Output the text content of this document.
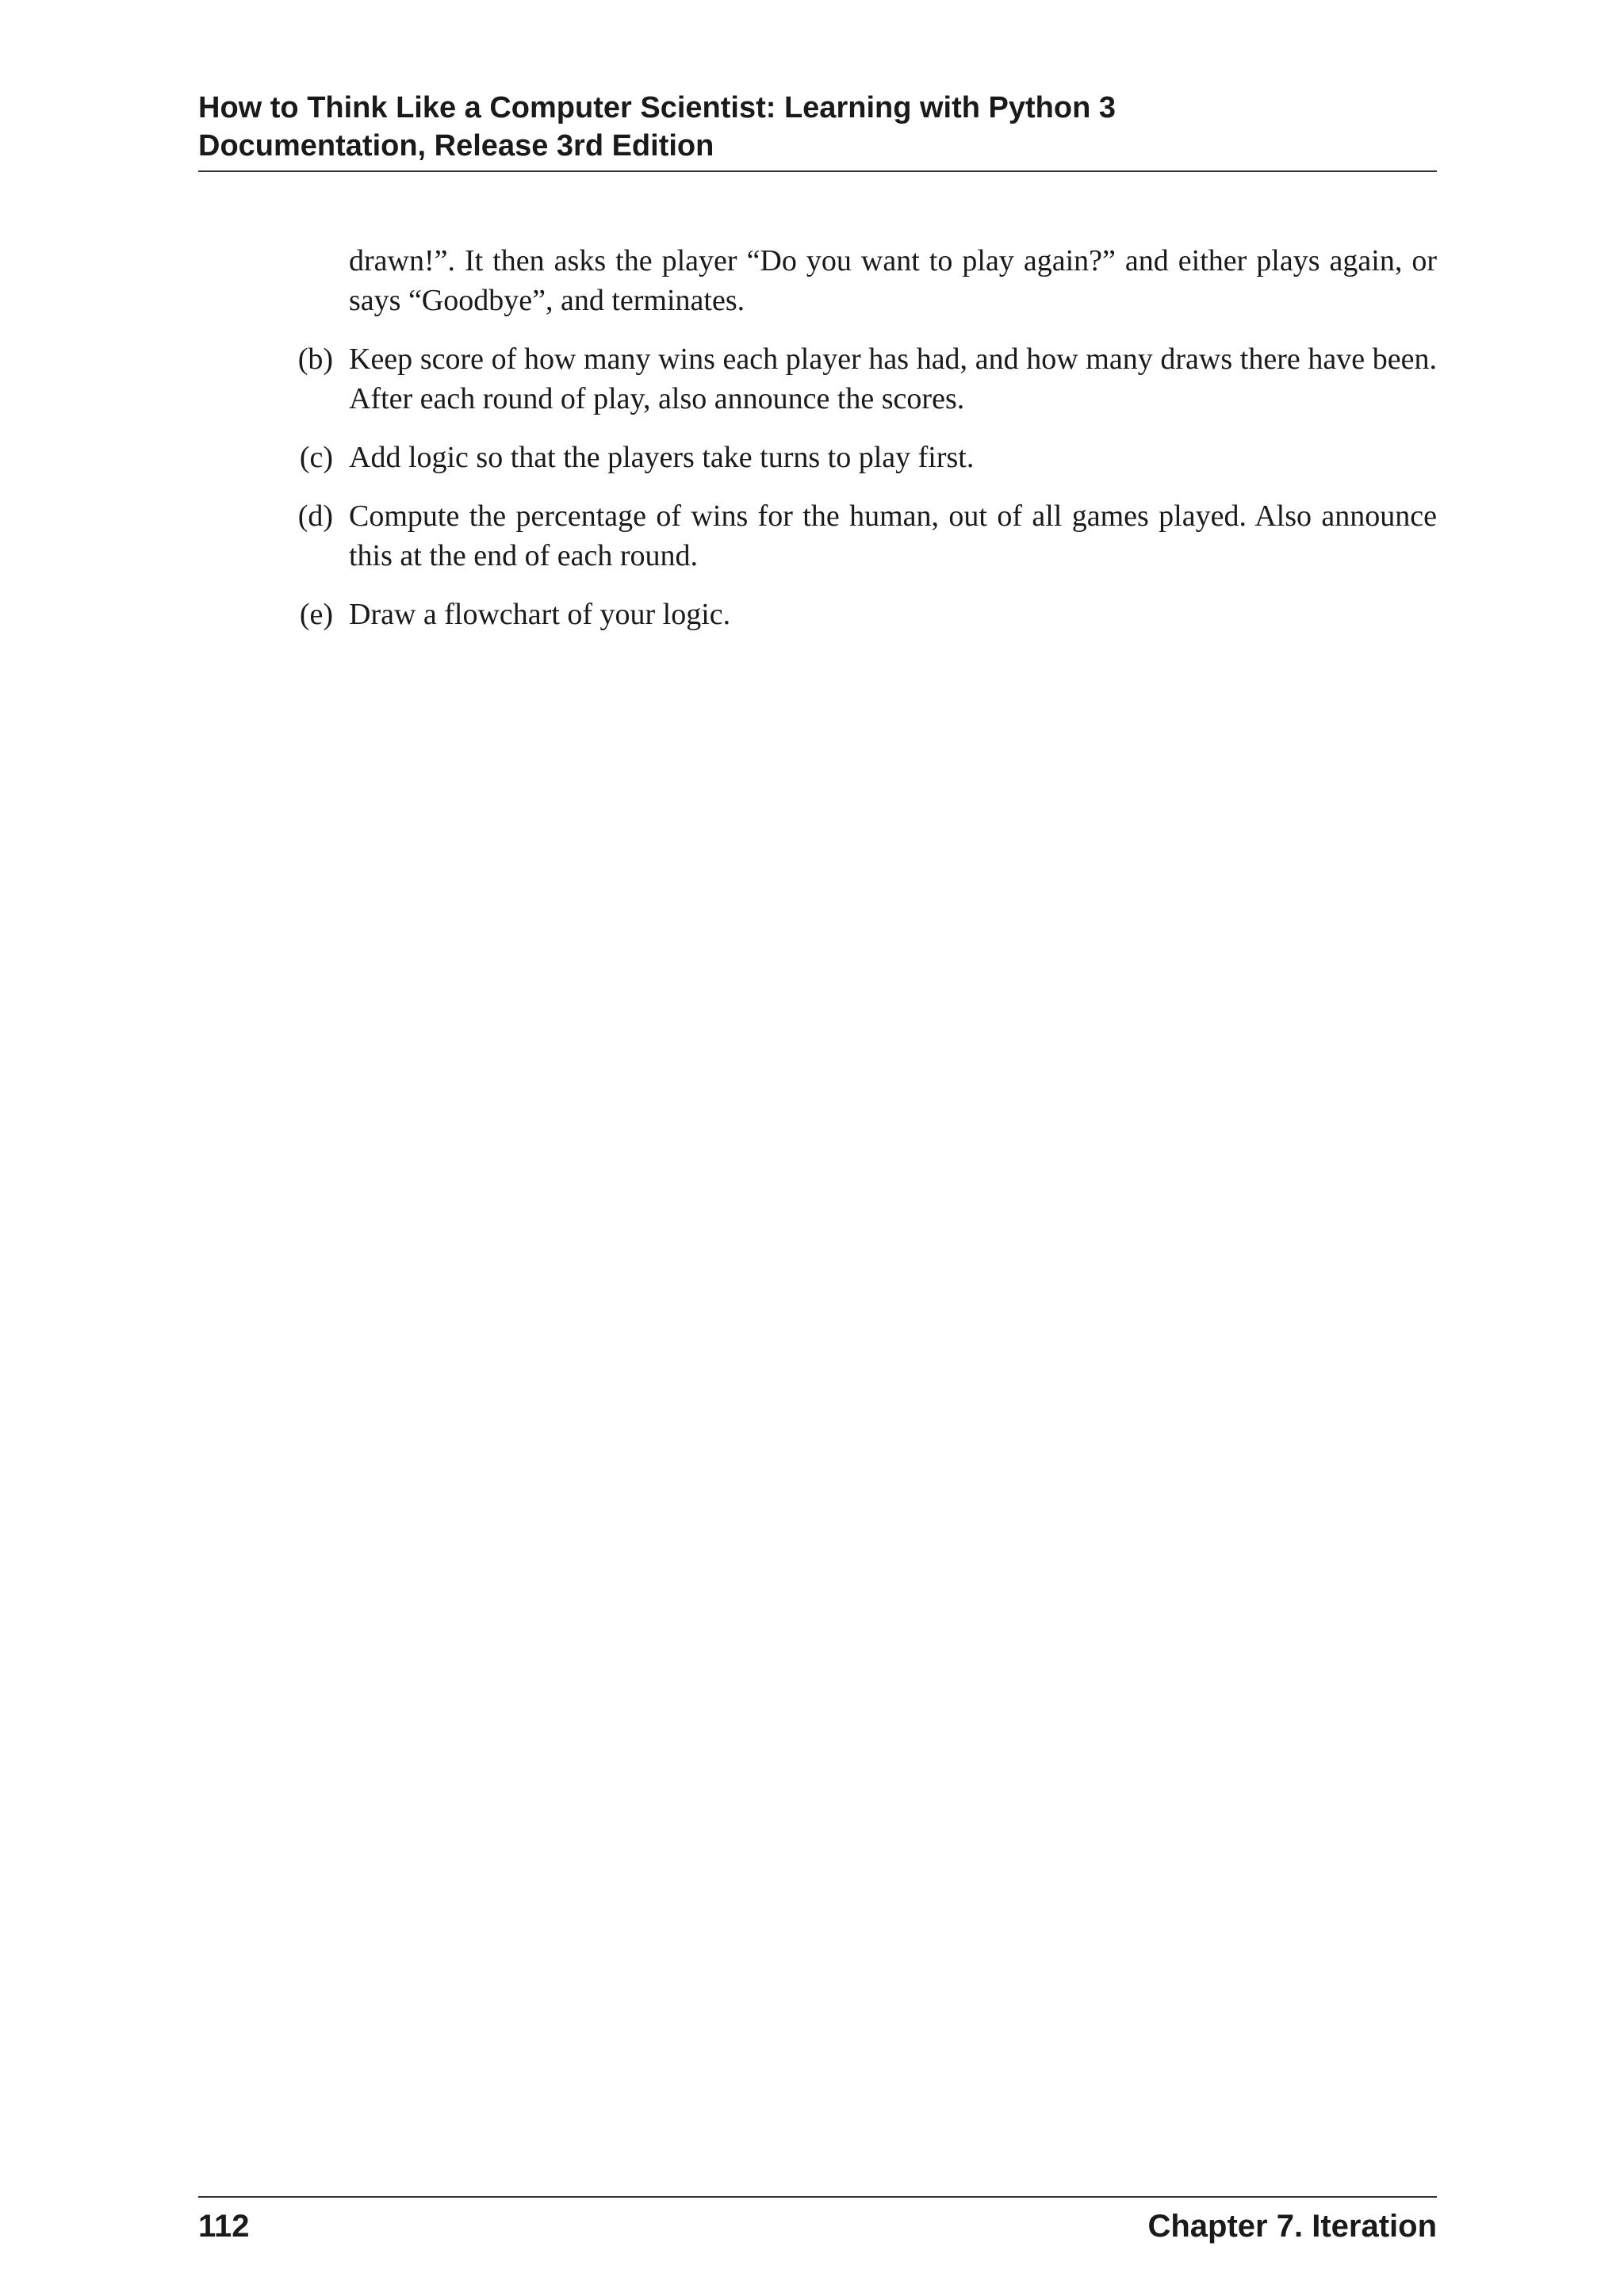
How to Think Like a Computer Scientist: Learning with Python 3
Documentation, Release 3rd Edition
drawn!”. It then asks the player “Do you want to play again?” and either plays again, or says “Goodbye”, and terminates.
(b) Keep score of how many wins each player has had, and how many draws there have been. After each round of play, also announce the scores.
(c) Add logic so that the players take turns to play first.
(d) Compute the percentage of wins for the human, out of all games played. Also announce this at the end of each round.
(e) Draw a flowchart of your logic.
112	Chapter 7. Iteration
